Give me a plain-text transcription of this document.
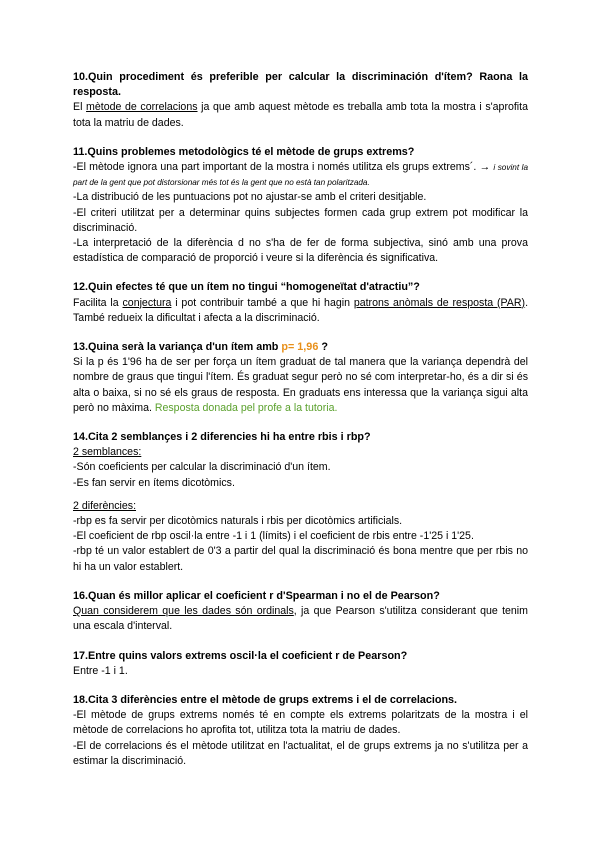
10.Quin procediment és preferible per calcular la discriminación d'ítem? Raona la resposta.
El mètode de correlacions ja que amb aquest mètode es treballa amb tota la mostra i s'aprofita tota la matriu de dades.
11.Quins problemes metodològics té el mètode de grups extrems?
-El mètode ignora una part important de la mostra i només utilitza els grups extrems´. → i sovint la part de la gent que pot distorsionar més tot és la gent que no està tan polaritzada.
-La distribució de les puntuacions pot no ajustar-se amb el criteri desitjable.
-El criteri utilitzat per a determinar quins subjectes formen cada grup extrem pot modificar la discriminació.
-La interpretació de la diferència d no s'ha de fer de forma subjectiva, sinó amb una prova estadística de comparació de proporció i veure si la diferència és significativa.
12.Quin efectes té que un ítem no tingui “homogeneïtat d'atractiu”?
Facilita la conjectura i pot contribuir també a que hi hagin patrons anòmals de resposta (PAR). També redueix la dificultat i afecta a la discriminació.
13.Quina serà la variança d'un ítem amb p= 1,96 ?
Si la p és 1'96 ha de ser per força un ítem graduat de tal manera que la variança dependrà del nombre de graus que tingui l'ítem. És graduat segur però no sé com interpretar-ho, és a dir si és alta o baixa, si no sé els graus de resposta. En graduats ens interessa que la variança sigui alta però no màxima. Resposta donada pel profe a la tutoria.
14.Cita 2 semblanҫes i 2 diferencies hi ha entre rbis i rbp?
2 semblances:
-Són coeficients per calcular la discriminació d'un ítem.
-Es fan servir en ítems dicotòmics.
2 diferències:
-rbp es fa servir per dicotòmics naturals i rbis per dicotòmics artificials.
-El coeficient de rbp oscil·la entre -1 i 1 (límits) i el coeficient de rbis entre -1'25 i 1'25.
-rbp té un valor establert de 0'3 a partir del qual la discriminació és bona mentre que per rbis no hi ha un valor establert.
16.Quan és millor aplicar el coeficient r d'Spearman i no el de Pearson?
Quan considerem que les dades són ordinals, ja que Pearson s'utilitza considerant que tenim una escala d'interval.
17.Entre quins valors extrems oscil·la el coeficient r de Pearson?
Entre -1 i 1.
18.Cita 3 diferències entre el mètode de grups extrems i el de correlacions.
-El mètode de grups extrems només té en compte els extrems polaritzats de la mostra i el mètode de correlacions ho aprofita tot, utilitza tota la matriu de dades.
-El de correlacions és el mètode utilitzat en l'actualitat, el de grups extrems ja no s'utilitza per a estimar la discriminació.
